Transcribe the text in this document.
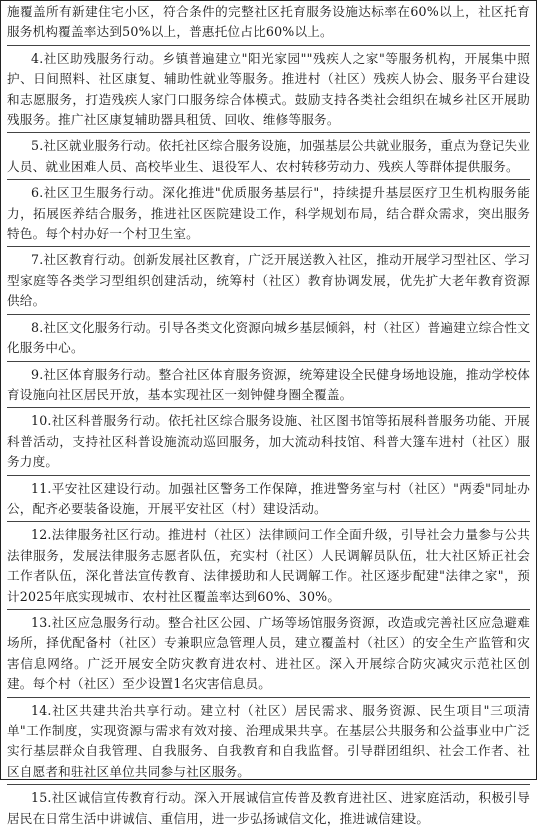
施覆盖所有新建住宅小区，符合条件的完整社区托育服务设施达标率在60%以上，社区托育服务机构覆盖率达到50%以上，普惠托位占比60%以上。

4.社区助残服务行动。乡镇普遍建立"阳光家园""残疾人之家"等服务机构，开展集中照护、日间照料、社区康复、辅助性就业等服务。推进村（社区）残疾人协会、服务平台建设和志愿服务，打造残疾人家门口服务综合体模式。鼓励支持各类社会组织在城乡社区开展助残服务。推广社区康复辅助器具租赁、回收、维修等服务。

5.社区就业服务行动。依托社区综合服务设施，加强基层公共就业服务，重点为登记失业人员、就业困难人员、高校毕业生、退役军人、农村转移劳动力、残疾人等群体提供服务。

6.社区卫生服务行动。深化推进"优质服务基层行"，持续提升基层医疗卫生机构服务能力，拓展医养结合服务，推进社区医院建设工作，科学规划布局，结合群众需求，突出服务特色。每个村办好一个村卫生室。

7.社区教育行动。创新发展社区教育，广泛开展送教入社区，推动开展学习型社区、学习型家庭等各类学习型组织创建活动，统筹村（社区）教育协调发展，优先扩大老年教育资源供给。

8.社区文化服务行动。引导各类文化资源向城乡基层倾斜，村（社区）普遍建立综合性文化服务中心。

9.社区体育服务行动。整合社区体育服务资源，统筹建设全民健身场地设施，推动学校体育设施向社区居民开放，基本实现社区一刻钟健身圈全覆盖。

10.社区科普服务行动。依托社区综合服务设施、社区图书馆等拓展科普服务功能、开展科普活动，支持社区科普设施流动巡回服务，加大流动科技馆、科普大篷车进村（社区）服务力度。

11.平安社区建设行动。加强社区警务工作保障，推进警务室与村（社区）"两委"同址办公，配齐必要装备设施，开展平安社区（村）建设活动。

12.法律服务社区行动。推进村（社区）法律顾问工作全面升级，引导社会力量参与公共法律服务，发展法律服务志愿者队伍，充实村（社区）人民调解员队伍，壮大社区矫正社会工作者队伍，深化普法宣传教育、法律援助和人民调解工作。社区逐步配建"法律之家"，预计2025年底实现城市、农村社区覆盖率达到60%、30%。

13.社区应急服务行动。整合社区公园、广场等场馆服务资源，改造或完善社区应急避难场所，择优配备村（社区）专兼职应急管理人员，建立覆盖村（社区）的安全生产监管和灾害信息网络。广泛开展安全防灾教育进农村、进社区。深入开展综合防灾减灾示范社区创建。每个村（社区）至少设置1名灾害信息员。

14.社区共建共治共享行动。建立村（社区）居民需求、服务资源、民生项目"三项清单"工作制度，实现资源与需求有效对接、治理成果共享。在基层公共服务和公益事业中广泛实行基层群众自我管理、自我服务、自我教育和自我监督。引导群团组织、社会工作者、社区自愿者和驻社区单位共同参与社区服务。

15.社区诚信宣传教育行动。深入开展诚信宣传普及教育进社区、进家庭活动，积极引导居民在日常生活中讲诚信、重信用，进一步弘扬诚信文化，推进诚信建设。
